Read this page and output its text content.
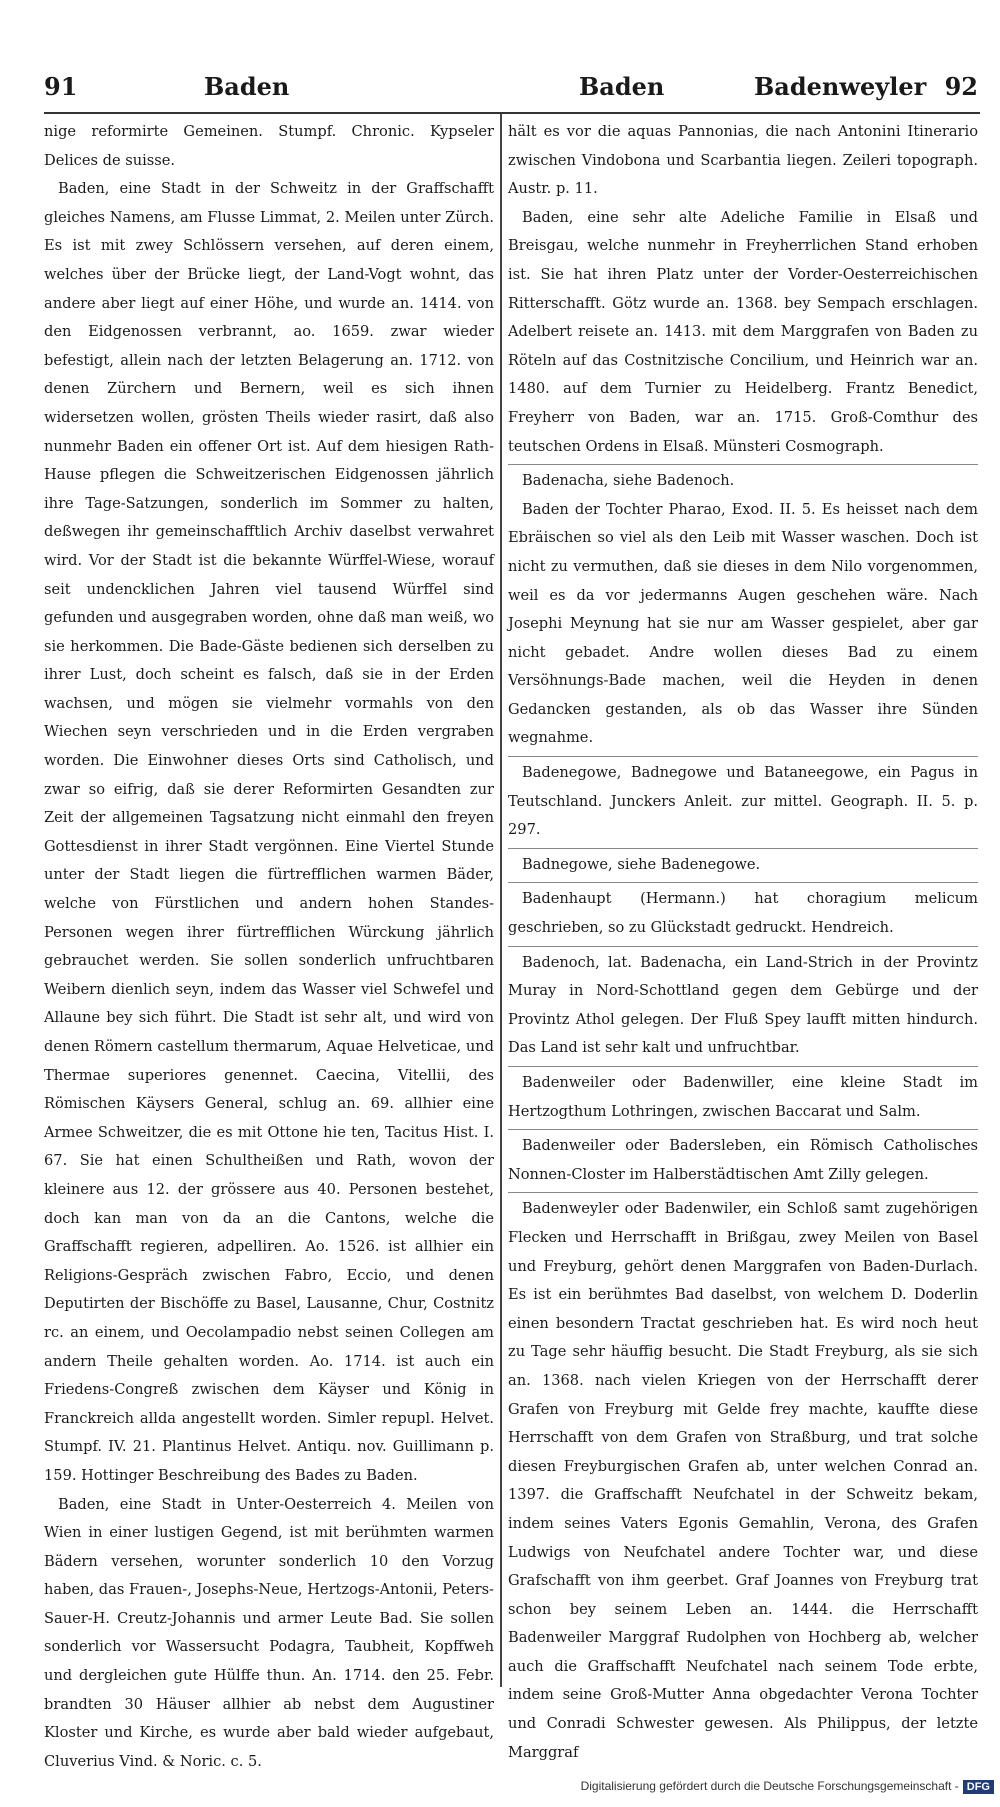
91	Baden	Baden	Badenweyler 92

nige reformirte Gemeinen. Stumpf. Chronic. Kypseler Delices de suisse.

Baden, eine Stadt in der Schweitz in der Graffschafft gleiches Namens, am Flusse Limmat, 2. Meilen unter Zürch. Es ist mit zwey Schlössern versehen, auf deren einem, welches über der Brücke liegt, der Land-Vogt wohnt, das andere aber liegt auf einer Höhe, und wurde an. 1414. von den Eidgenossen verbrannt, ao. 1659. zwar wieder befestigt, allein nach der letzten Belagerung an. 1712. von denen Zürchern und Bernern, weil es sich ihnen widersetzen wollen, grösten Theils wieder rasirt, daß also nunmehr Baden ein offener Ort ist. Auf dem hiesigen Rath-Hause pflegen die Schweitzerischen Eidgenossen jährlich ihre Tage-Satzungen, sonderlich im Sommer zu halten, deßwegen ihr gemeinschafftlich Archiv daselbst verwahret wird. Vor der Stadt ist die bekannte Würffel-Wiese, worauf seit undencklichen Jahren viel tausend Würffel sind gefunden und ausgegraben worden, ohne daß man weiß, wo sie herkommen. Die Bade-Gäste bedienen sich derselben zu ihrer Lust, doch scheint es falsch, daß sie in der Erden wachsen, und mögen sie vielmehr vormahls von den Wiechen seyn verschrieden und in die Erden vergraben worden. Die Einwohner dieses Orts sind Catholisch, und zwar so eifrig, daß sie derer Reformirten Gesandten zur Zeit der allgemeinen Tagsatzung nicht einmahl den freyen Gottesdienst in ihrer Stadt vergönnen. Eine Viertel Stunde unter der Stadt liegen die fürtrefflichen warmen Bäder, welche von Fürstlichen und andern hohen Standes-Personen wegen ihrer fürtrefflichen Würckung jährlich gebrauchet werden. Sie sollen sonderlich unfruchtbaren Weibern dienlich seyn, indem das Wasser viel Schwefel und Allaune bey sich führt. Die Stadt ist sehr alt, und wird von denen Römern castellum thermarum, Aquae Helveticae, und Thermae superiores genennet. Caecina, Vitellii, des Römischen Käysers General, schlug an. 69. allhier eine Armee Schweitzer, die es mit Ottone hie ten, Tacitus Hist. I. 67. Sie hat einen Schultheißen und Rath, wovon der kleinere aus 12. der grössere aus 40. Personen bestehet, doch kan man von da an die Cantons, welche die Graffschafft regieren, adpelliren. Ao. 1526. ist allhier ein Religions-Gespräch zwischen Fabro, Eccio, und denen Deputirten der Bischöffe zu Basel, Lausanne, Chur, Costnitz rc. an einem, und Oecolampadio nebst seinen Collegen am andern Theile gehalten worden. Ao. 1714. ist auch ein Friedens-Congreß zwischen dem Käyser und König in Franckreich allda angestellt worden. Simler repupl. Helvet. Stumpf. IV. 21. Plantinus Helvet. Antiqu. nov. Guillimann p. 159. Hottinger Beschreibung des Bades zu Baden.

Baden, eine Stadt in Unter-Oesterreich 4. Meilen von Wien in einer lustigen Gegend, ist mit berühmten warmen Bädern versehen, worunter sonderlich 10 den Vorzug haben, das Frauen-, Josephs-Neue, Hertzogs-Antonii, Peters-Sauer-H. Creutz-Johannis und armer Leute Bad. Sie sollen sonderlich vor Wassersucht Podagra, Taubheit, Kopffweh und dergleichen gute Hülffe thun. An. 1714. den 25. Febr. brandten 30 Häuser allhier ab nebst dem Augustiner Kloster und Kirche, es wurde aber bald wieder aufgebaut, Cluverius Vind. & Noric. c. 5.

hält es vor die aquas Pannonias, die nach Antonini Itinerario zwischen Vindobona und Scarbantia liegen. Zeileri topograph. Austr. p. 11.

Baden, eine sehr alte Adeliche Familie in Elsaß und Breisgau, welche nunmehr in Freyherrlichen Stand erhoben ist. Sie hat ihren Platz unter der Vorder-Oesterreichischen Ritterschafft. Götz wurde an. 1368. bey Sempach erschlagen. Adelbert reisete an. 1413. mit dem Marggrafen von Baden zu Röteln auf das Costnitzische Concilium, und Heinrich war an. 1480. auf dem Turnier zu Heidelberg. Frantz Benedict, Freyherr von Baden, war an. 1715. Groß-Comthur des teutschen Ordens in Elsaß. Münsteri Cosmograph.

Badenacha, siehe Badenoch.

Baden der Tochter Pharao, Exod. II. 5. Es heisset nach dem Ebräischen so viel als den Leib mit Wasser waschen. Doch ist nicht zu vermuthen, daß sie dieses in dem Nilo vorgenommen, weil es da vor jedermanns Augen geschehen wäre. Nach Josephi Meynung hat sie nur am Wasser gespielet, aber gar nicht gebadet. Andre wollen dieses Bad zu einem Versöhnungs-Bade machen, weil die Heyden in denen Gedancken gestanden, als ob das Wasser ihre Sünden wegnahme.

Badenegowe, Badnegowe und Bataneegowe, ein Pagus in Teutschland. Junckers Anleit. zur mittel. Geograph. II. 5. p. 297.

Badnegowe, siehe Badenegowe.

Badenhaupt (Hermann.) hat choragium melicum geschrieben, so zu Glückstadt gedruckt. Hendreich.

Badenoch, lat. Badenacha, ein Land-Strich in der Provintz Muray in Nord-Schottland gegen dem Gebürge und der Provintz Athol gelegen. Der Fluß Spey laufft mitten hindurch. Das Land ist sehr kalt und unfruchtbar.

Badenweiler oder Badenwiller, eine kleine Stadt im Hertzogthum Lothringen, zwischen Baccarat und Salm.

Badenweiler oder Badersleben, ein Römisch Catholisches Nonnen-Closter im Halberstädtischen Amt Zilly gelegen.

Badenweyler oder Badenwiler, ein Schloß samt zugehörigen Flecken und Herrschafft in Brißgau, zwey Meilen von Basel und Freyburg, gehört denen Marggrafen von Baden-Durlach. Es ist ein berühmtes Bad daselbst, von welchem D. Doderlin einen besondern Tractat geschrieben hat. Es wird noch heut zu Tage sehr häuffig besucht. Die Stadt Freyburg, als sie sich an. 1368. nach vielen Kriegen von der Herrschafft derer Grafen von Freyburg mit Gelde frey machte, kauffte diese Herrschafft von dem Grafen von Straßburg, und trat solche diesen Freyburgischen Grafen ab, unter welchen Conrad an. 1397. die Graffschafft Neufchatel in der Schweitz bekam, indem seines Vaters Egonis Gemahlin, Verona, des Grafen Ludwigs von Neufchatel andere Tochter war, und diese Grafschafft von ihm geerbet. Graf Joannes von Freyburg trat schon bey seinem Leben an. 1444. die Herrschafft Badenweiler Marggraf Rudolphen von Hochberg ab, welcher auch die Graffschafft Neufchatel nach seinem Tode erbte, indem seine Groß-Mutter Anna obgedachter Verona Tochter und Conradi Schwester gewesen. Als Philippus, der letzte Marggraf

Digitalisierung gefördert durch die Deutsche Forschungsgemeinschaft - DFG
